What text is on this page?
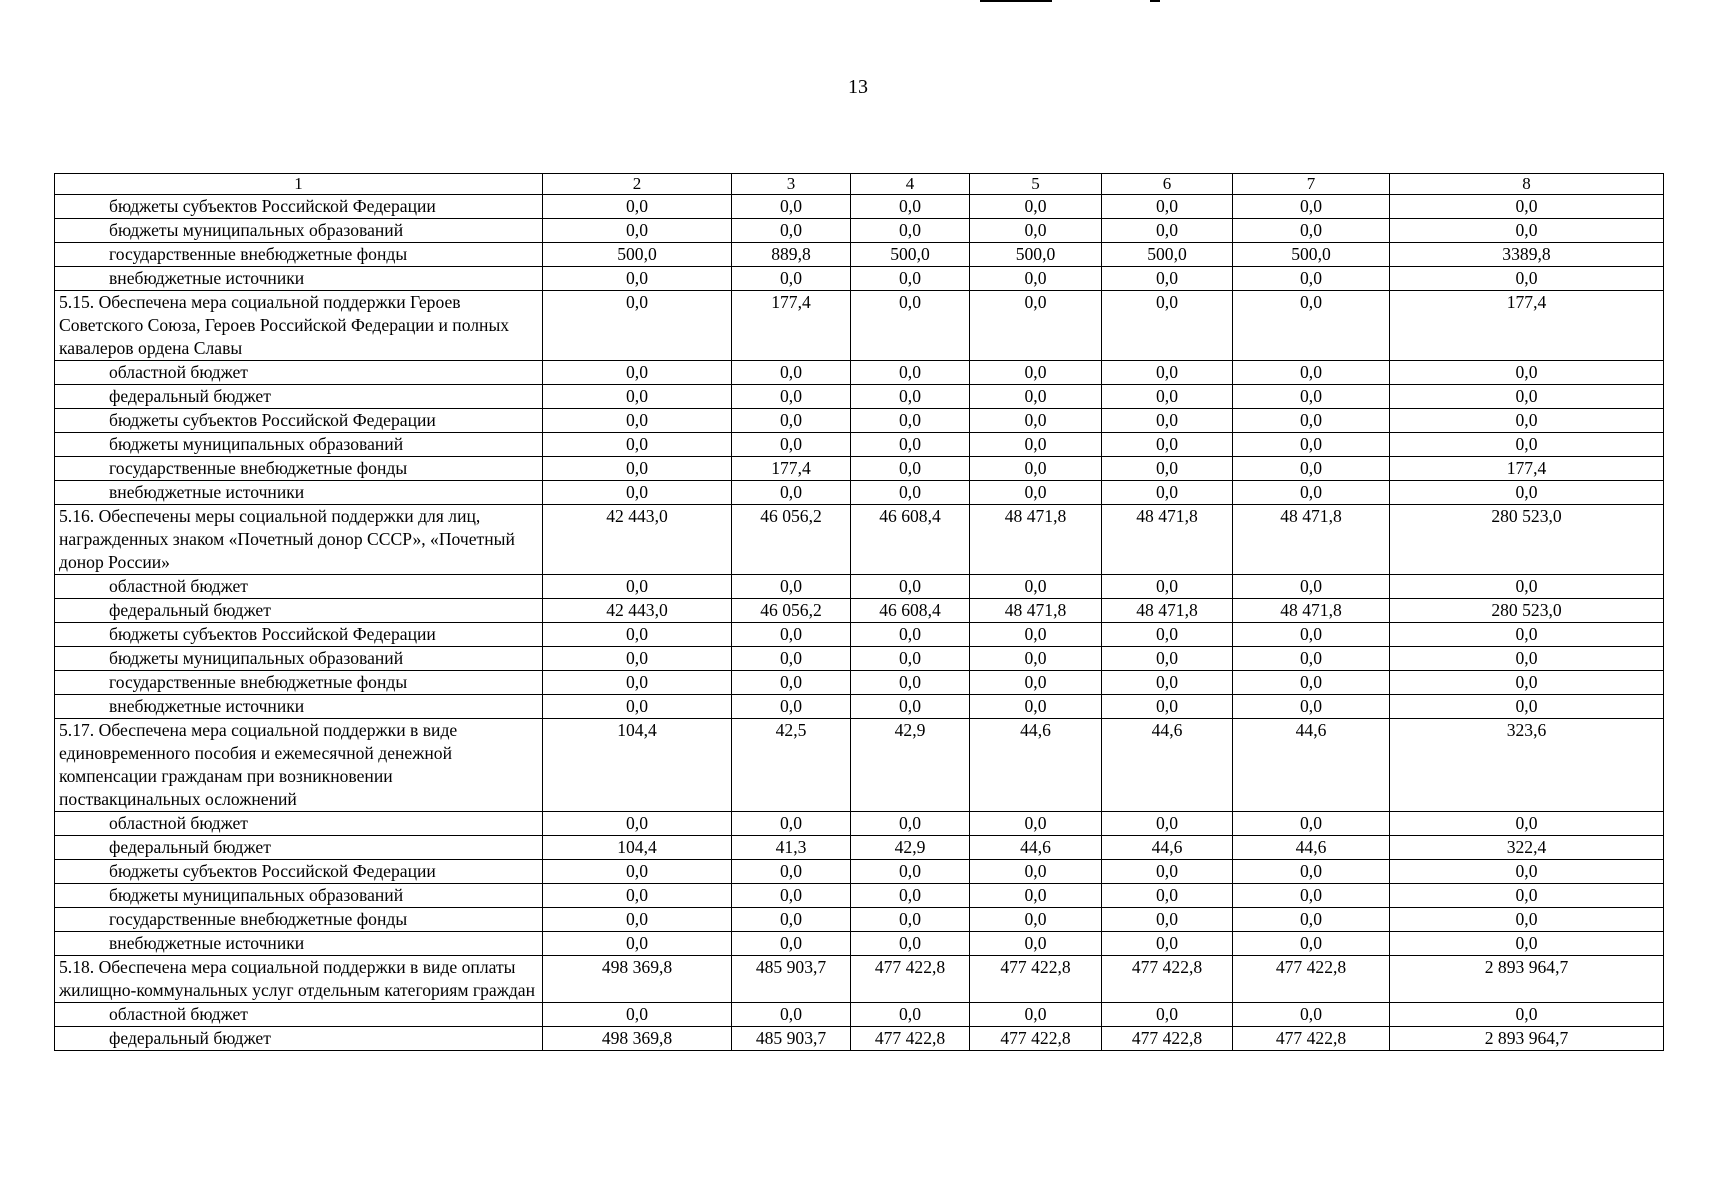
13
1	2	3	4	5	6	7	8
бюджеты субъектов Российской Федерации	0,0	0,0	0,0	0,0	0,0	0,0	0,0
бюджеты муниципальных образований	0,0	0,0	0,0	0,0	0,0	0,0	0,0
государственные внебюджетные фонды	500,0	889,8	500,0	500,0	500,0	500,0	3389,8
внебюджетные источники	0,0	0,0	0,0	0,0	0,0	0,0	0,0
5.15. Обеспечена мера социальной поддержки Героев Советского Союза, Героев Российской Федерации и полных кавалеров ордена Славы	0,0	177,4	0,0	0,0	0,0	0,0	177,4
областной бюджет	0,0	0,0	0,0	0,0	0,0	0,0	0,0
федеральный бюджет	0,0	0,0	0,0	0,0	0,0	0,0	0,0
бюджеты субъектов Российской Федерации	0,0	0,0	0,0	0,0	0,0	0,0	0,0
бюджеты муниципальных образований	0,0	0,0	0,0	0,0	0,0	0,0	0,0
государственные внебюджетные фонды	0,0	177,4	0,0	0,0	0,0	0,0	177,4
внебюджетные источники	0,0	0,0	0,0	0,0	0,0	0,0	0,0
5.16. Обеспечены меры социальной поддержки для лиц, награжденных знаком «Почетный донор СССР», «Почетный донор России»	42 443,0	46 056,2	46 608,4	48 471,8	48 471,8	48 471,8	280 523,0
областной бюджет	0,0	0,0	0,0	0,0	0,0	0,0	0,0
федеральный бюджет	42 443,0	46 056,2	46 608,4	48 471,8	48 471,8	48 471,8	280 523,0
бюджеты субъектов Российской Федерации	0,0	0,0	0,0	0,0	0,0	0,0	0,0
бюджеты муниципальных образований	0,0	0,0	0,0	0,0	0,0	0,0	0,0
государственные внебюджетные фонды	0,0	0,0	0,0	0,0	0,0	0,0	0,0
внебюджетные источники	0,0	0,0	0,0	0,0	0,0	0,0	0,0
5.17. Обеспечена мера социальной поддержки в виде единовременного пособия и ежемесячной денежной компенсации гражданам при возникновении поствакцинальных осложнений	104,4	42,5	42,9	44,6	44,6	44,6	323,6
областной бюджет	0,0	0,0	0,0	0,0	0,0	0,0	0,0
федеральный бюджет	104,4	41,3	42,9	44,6	44,6	44,6	322,4
бюджеты субъектов Российской Федерации	0,0	0,0	0,0	0,0	0,0	0,0	0,0
бюджеты муниципальных образований	0,0	0,0	0,0	0,0	0,0	0,0	0,0
государственные внебюджетные фонды	0,0	0,0	0,0	0,0	0,0	0,0	0,0
внебюджетные источники	0,0	0,0	0,0	0,0	0,0	0,0	0,0
5.18. Обеспечена мера социальной поддержки в виде оплаты жилищно-коммунальных услуг отдельным категориям граждан	498 369,8	485 903,7	477 422,8	477 422,8	477 422,8	477 422,8	2 893 964,7
областной бюджет	0,0	0,0	0,0	0,0	0,0	0,0	0,0
федеральный бюджет	498 369,8	485 903,7	477 422,8	477 422,8	477 422,8	477 422,8	2 893 964,7
